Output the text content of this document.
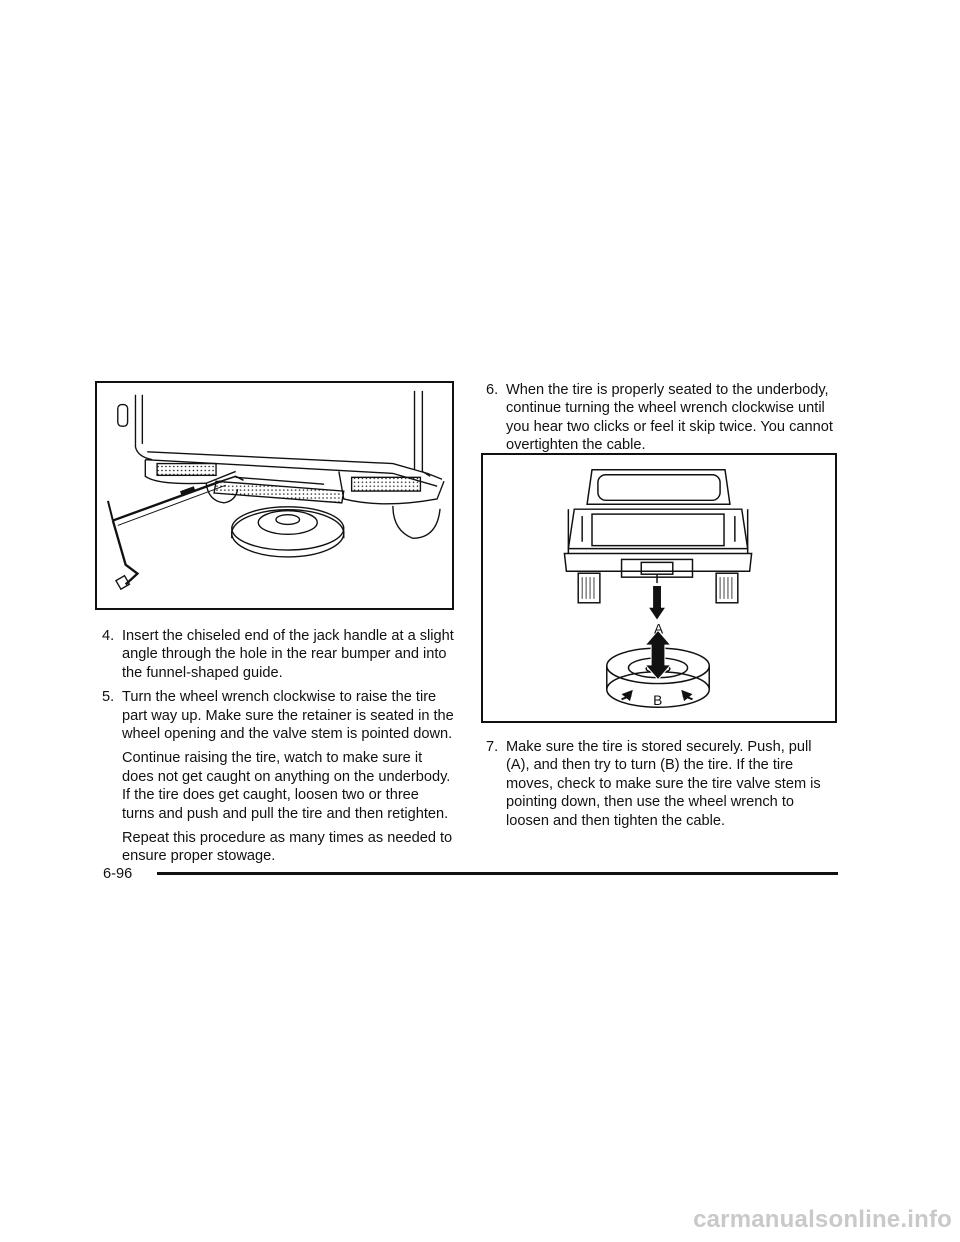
4. Insert the chiseled end of the jack handle at a slight angle through the hole in the rear bumper and into the funnel-shaped guide.
5. Turn the wheel wrench clockwise to raise the tire part way up. Make sure the retainer is seated in the wheel opening and the valve stem is pointed down.
Continue raising the tire, watch to make sure it does not get caught on anything on the underbody. If the tire does get caught, loosen two or three turns and push and pull the tire and then retighten.
Repeat this procedure as many times as needed to ensure proper stowage.
6. When the tire is properly seated to the underbody, continue turning the wheel wrench clockwise until you hear two clicks or feel it skip twice. You cannot overtighten the cable.
A
B
7. Make sure the tire is stored securely. Push, pull (A), and then try to turn (B) the tire. If the tire moves, check to make sure the tire valve stem is pointing down, then use the wheel wrench to loosen and then tighten the cable.
6-96
carmanualsonline.info
